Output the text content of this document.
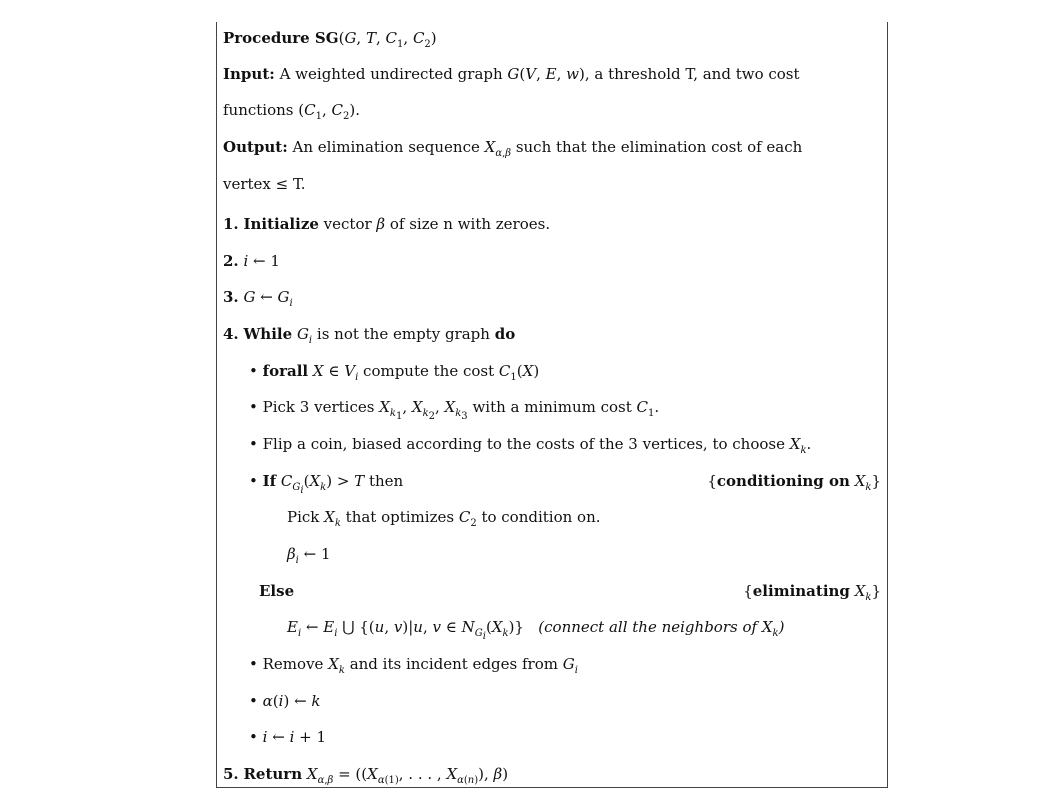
Procedure SG(G, T, $C_1$, $C_2$)
Input: A weighted undirected graph G(V, E, w), a threshold T, and two cost
functions ($C_1$, $C_2$).
Output: An elimination sequence $X_{\alpha,\beta}$ such that the elimination cost of each
vertex ≤ T.
1. Initialize vector β of size n with zeroes.
2. i ← 1
3. G ← $G_i$
4. While $G_i$ is not the empty graph do
• forall X ∈ $V_i$ compute the cost $C_1(X)$
• Pick 3 vertices $X_{k_1}$, $X_{k_2}$, $X_{k_3}$ with a minimum cost $C_1$.
• Flip a coin, biased according to the costs of the 3 vertices, to choose $X_k$.
• If $C_{G_i}(X_k) > T$ then	{conditioning on $X_k$}
Pick $X_k$ that optimizes $C_2$ to condition on.
$\beta_i$ ← 1
Else	{eliminating $X_k$}
$E_i$ ← $E_i$ ⋃ {(u, v)|u, v ∈ $N_{G_i}(X_k)$} (connect all the neighbors of $X_k$)
• Remove $X_k$ and its incident edges from $G_i$
• α(i) ← k
• i ← i + 1
5. Return $X_{\alpha,\beta} = ((X_{\alpha(1)}$, . . . , $X_{\alpha(n)}$), β)
